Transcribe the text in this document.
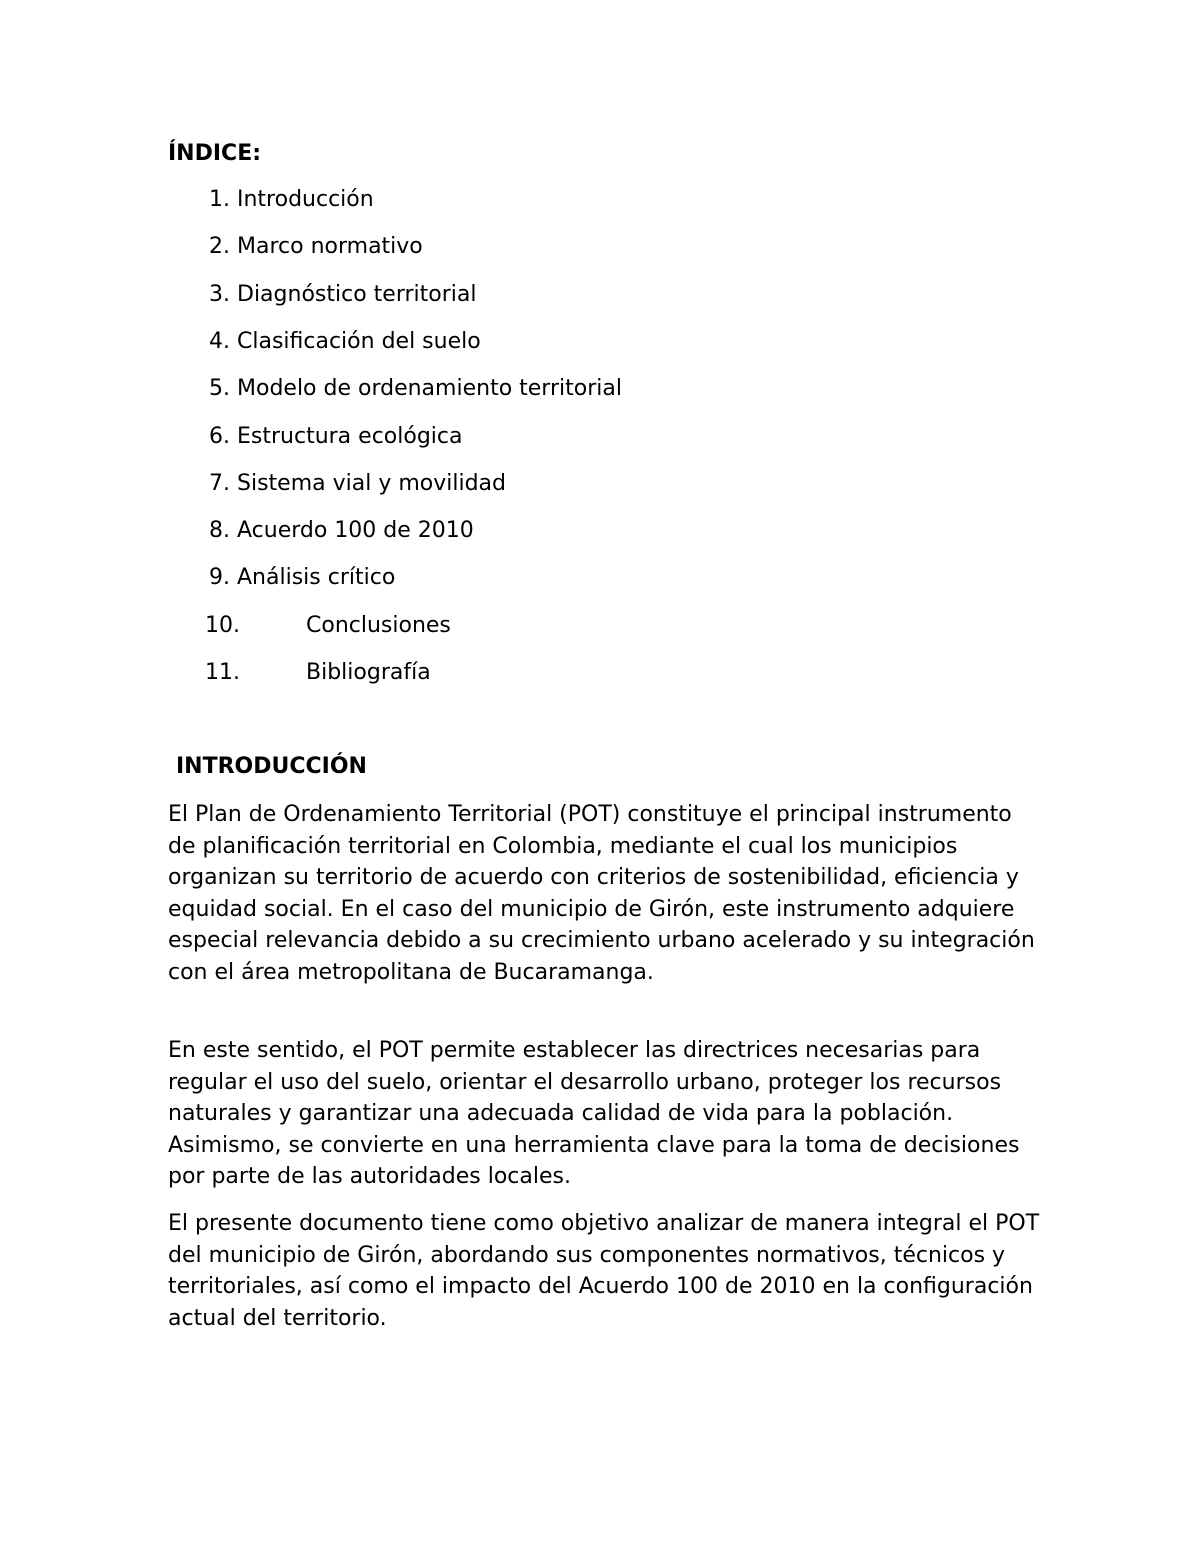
ÍNDICE:
1. Introducción
2. Marco normativo
3. Diagnóstico territorial
4. Clasificación del suelo
5. Modelo de ordenamiento territorial
6. Estructura ecológica
7. Sistema vial y movilidad
8. Acuerdo 100 de 2010
9. Análisis crítico
10.	Conclusiones
11.	Bibliografía
INTRODUCCIÓN

El Plan de Ordenamiento Territorial (POT) constituye el principal instrumento de planificación territorial en Colombia, mediante el cual los municipios organizan su territorio de acuerdo con criterios de sostenibilidad, eficiencia y equidad social. En el caso del municipio de Girón, este instrumento adquiere especial relevancia debido a su crecimiento urbano acelerado y su integración con el área metropolitana de Bucaramanga.

En este sentido, el POT permite establecer las directrices necesarias para regular el uso del suelo, orientar el desarrollo urbano, proteger los recursos naturales y garantizar una adecuada calidad de vida para la población. Asimismo, se convierte en una herramienta clave para la toma de decisiones por parte de las autoridades locales.

El presente documento tiene como objetivo analizar de manera integral el POT del municipio de Girón, abordando sus componentes normativos, técnicos y territoriales, así como el impacto del Acuerdo 100 de 2010 en la configuración actual del territorio.
